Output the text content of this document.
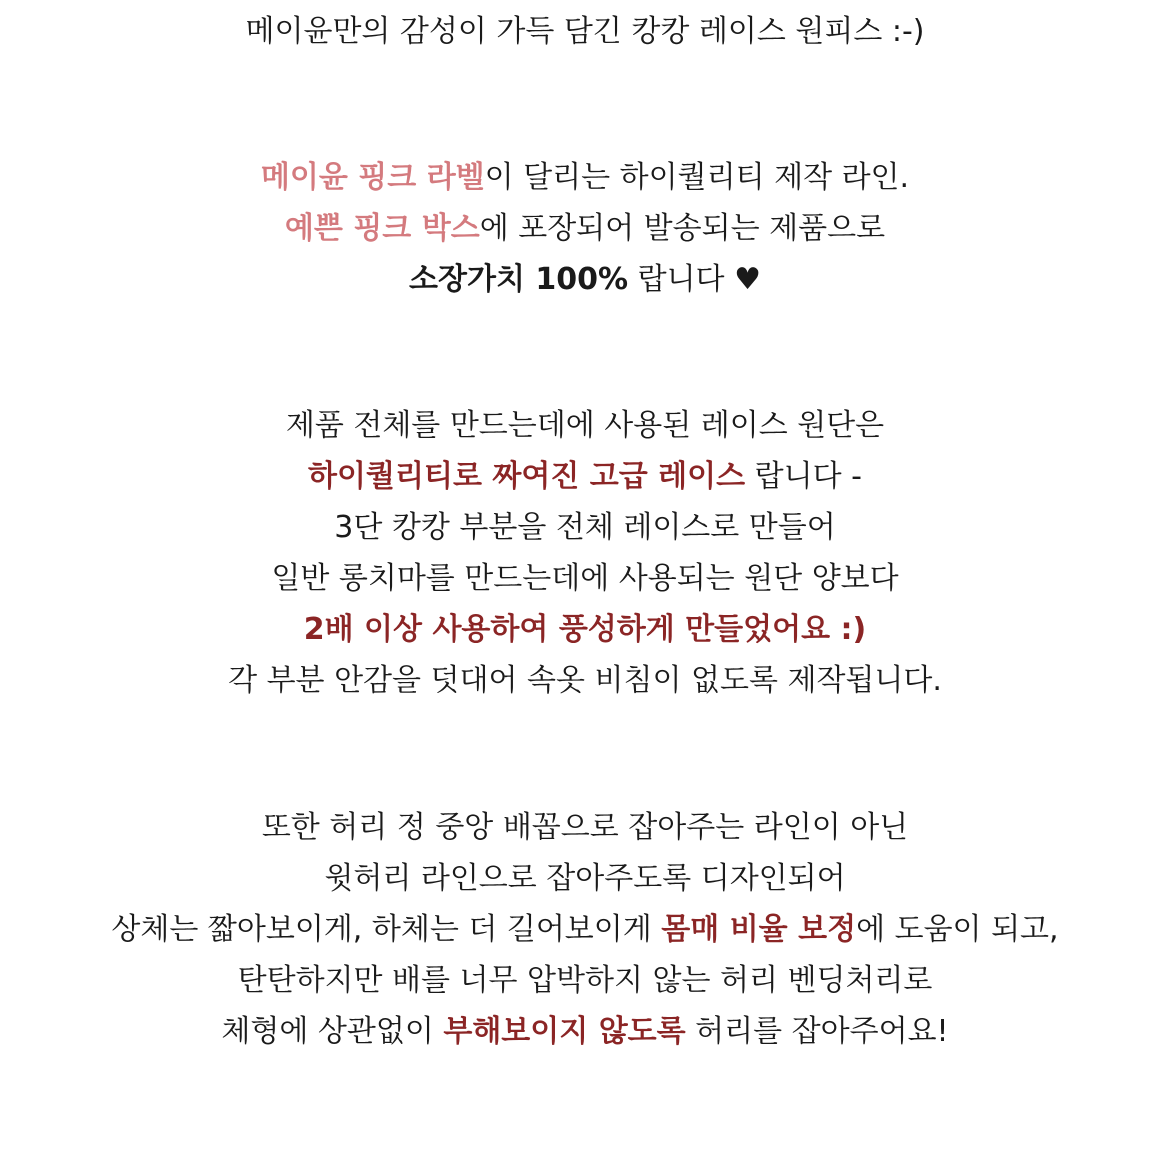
메이윤만의 감성이 가득 담긴 캉캉 레이스 원피스 :-)
메이윤 핑크 라벨이 달리는 하이퀄리티 제작 라인.
예쁜 핑크 박스에 포장되어 발송되는 제품으로
소장가치 100% 랍니다 ♥
제품 전체를 만드는데에 사용된 레이스 원단은
하이퀄리티로 짜여진 고급 레이스 랍니다 -
3단 캉캉 부분을 전체 레이스로 만들어
일반 롱치마를 만드는데에 사용되는 원단 양보다
2배 이상 사용하여 풍성하게 만들었어요 :)
각 부분 안감을 덧대어 속옷 비침이 없도록 제작됩니다.
또한 허리 정 중앙 배꼽으로 잡아주는 라인이 아닌
윗허리 라인으로 잡아주도록 디자인되어
상체는 짧아보이게, 하체는 더 길어보이게 몸매 비율 보정에 도움이 되고,
탄탄하지만 배를 너무 압박하지 않는 허리 벤딩처리로
체형에 상관없이 부해보이지 않도록 허리를 잡아주어요!
